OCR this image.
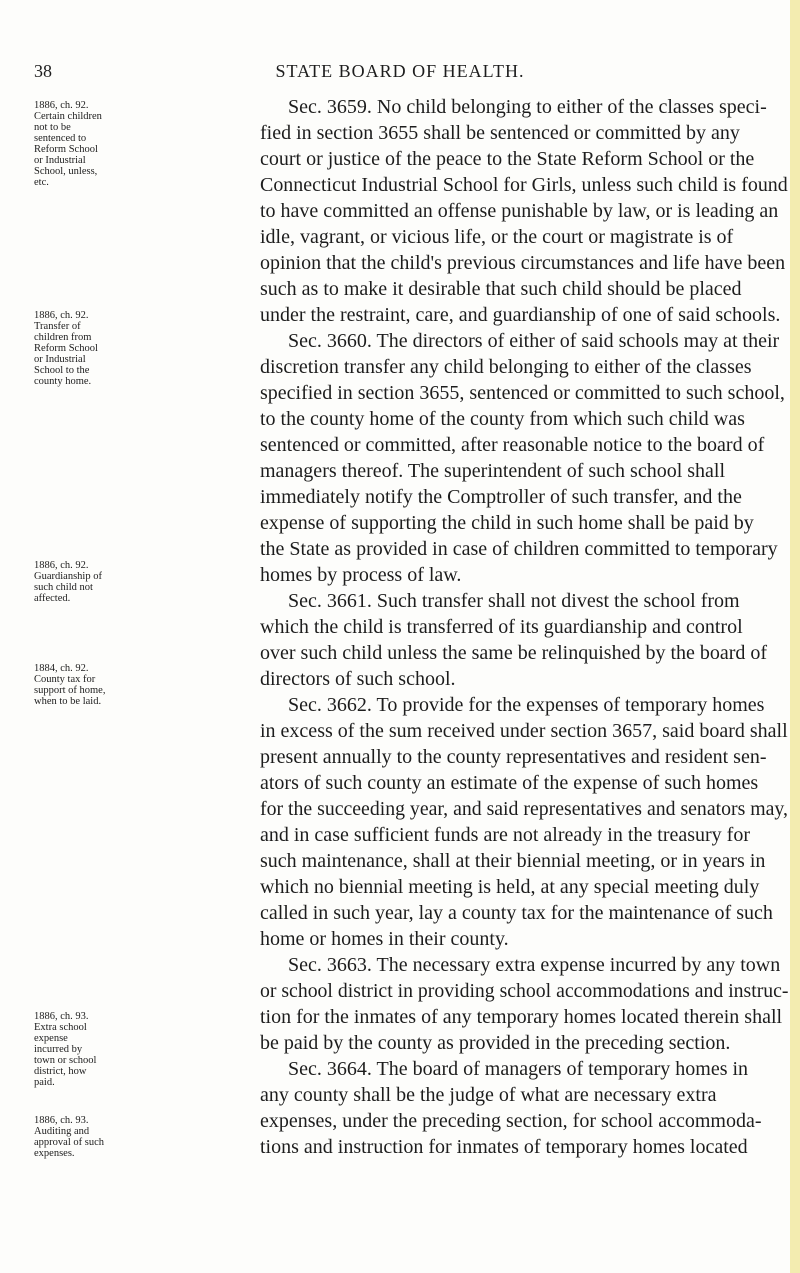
38	STATE BOARD OF HEALTH.
1886, ch. 92.
Certain children
not to be
sentenced to
Reform School
or Industrial
School, unless,
etc.
1886, ch. 92.
Transfer of
children from
Reform School
or Industrial
School to the
county home.
1886, ch. 92.
Guardianship of
such child not
affected.
1884, ch. 92.
County tax for
support of home,
when to be laid.
1886, ch. 93.
Extra school
expense
incurred by
town or school
district, how
paid.
1886, ch. 93.
Auditing and
approval of such
expenses.
Sec. 3659. No child belonging to either of the classes speci-
fied in section 3655 shall be sentenced or committed by any
court or justice of the peace to the State Reform School or the
Connecticut Industrial School for Girls, unless such child is found
to have committed an offense punishable by law, or is leading an
idle, vagrant, or vicious life, or the court or magistrate is of
opinion that the child's previous circumstances and life have been
such as to make it desirable that such child should be placed
under the restraint, care, and guardianship of one of said schools.
Sec. 3660. The directors of either of said schools may at their
discretion transfer any child belonging to either of the classes
specified in section 3655, sentenced or committed to such school,
to the county home of the county from which such child was
sentenced or committed, after reasonable notice to the board of
managers thereof. The superintendent of such school shall
immediately notify the Comptroller of such transfer, and the
expense of supporting the child in such home shall be paid by
the State as provided in case of children committed to temporary
homes by process of law.
Sec. 3661. Such transfer shall not divest the school from
which the child is transferred of its guardianship and control
over such child unless the same be relinquished by the board of
directors of such school.
Sec. 3662. To provide for the expenses of temporary homes
in excess of the sum received under section 3657, said board shall
present annually to the county representatives and resident sen-
ators of such county an estimate of the expense of such homes
for the succeeding year, and said representatives and senators may,
and in case sufficient funds are not already in the treasury for
such maintenance, shall at their biennial meeting, or in years in
which no biennial meeting is held, at any special meeting duly
called in such year, lay a county tax for the maintenance of such
home or homes in their county.
Sec. 3663. The necessary extra expense incurred by any town
or school district in providing school accommodations and instruc-
tion for the inmates of any temporary homes located therein shall
be paid by the county as provided in the preceding section.
Sec. 3664. The board of managers of temporary homes in
any county shall be the judge of what are necessary extra
expenses, under the preceding section, for school accommoda-
tions and instruction for inmates of temporary homes located
